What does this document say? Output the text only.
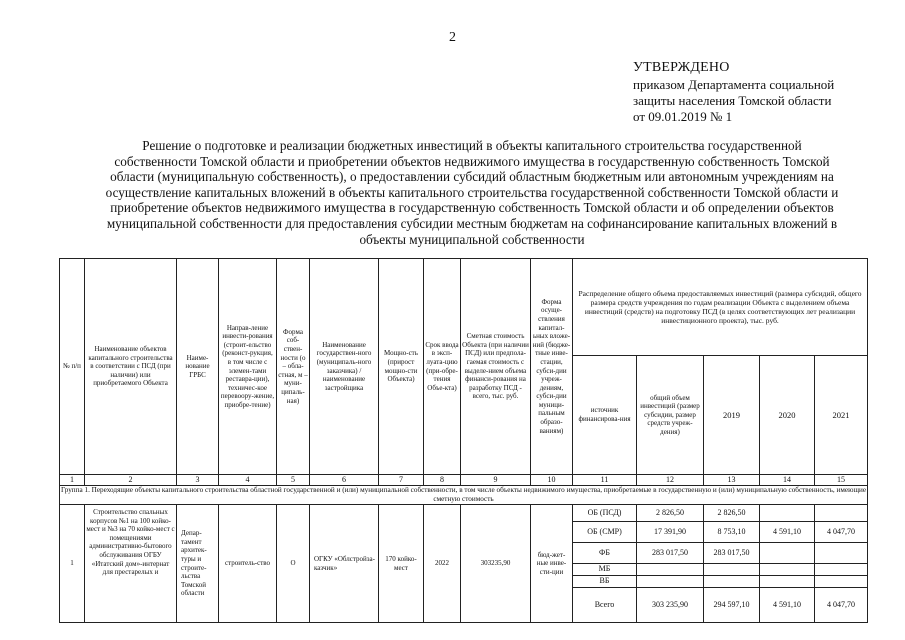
2
УТВЕРЖДЕНО
приказом Департамента социальной
защиты населения Томской области
от 09.01.2019 № 1
Решение о подготовке и реализации бюджетных инвестиций в объекты капитального строительства государственной
собственности Томской области и приобретении объектов недвижимого имущества в государственную собственность Томской
области (муниципальную собственность), о предоставлении субсидий областным бюджетным или автономным учреждениям на
осуществление капитальных вложений в объекты капитального строительства государственной собственности Томской области и
приобретение объектов недвижимого имущества в государственную собственность Томской области и об определении объектов
муниципальной собственности для предоставления субсидии местным бюджетам на софинансирование капитальных вложений в
объекты муниципальной собственности
№ п/п	Наименование объектов капитального строительства в соответствии с ПСД (при наличии) или приобретаемого Объекта	Наиме-нование ГРБС	Направ-ление инвести-рования (строит-ельство (реконст-рукция, в том числе с элемен-тами реставра-ции), техничес-кое перевоору-жение, приобре-тение)	Форма соб-ствен-ности (о – обла-стная, м – муни-ципаль-ная)	Наименование государствен-ного (муниципаль-ного заказчика) / наименование застройщика	Мощно-сть (прирост мощно-сти Объекта)	Срок ввода в эксп-луата-цию (при-обре-тения Объе-кта)	Сметная стоимость Объекта (при наличии ПСД) или предпола-гаемая стоимость с выделе-нием объема финанси-рования на разработку ПСД - всего, тыс. руб.	Форма осуще-ствления капитал-ьных вложе-ний (бюдже-тные инве-стации, субси-дии учреж-дениям, субси-дии муници-пальным образо-ваниям)	Распределение общего объема предоставляемых инвестиций (размера субсидий, общего размера средств учреждения по годам реализации Объекта с выделением объема инвестиций (средств) на подготовку ПСД (в целях соответствующих лет реализации инвестиционного проекта), тыс. руб.				
										источник финансирова-ния	общий объем инвестиций (размер субсидии, размер средств учреж-дения)	2019	2020	2021
1	2	3	4	5	6	7	8	9	10	11	12	13	14	15
Группа 1. Переходящие объекты капитального строительства областной государственной и (или) муниципальной собственности, в том числе объекты недвижимого имущества, приобретаемые в государственную и (или) муниципальную собственность, имеющие сметную стоимость														
1	Строительство спальных корпусов №1 на 100 койко-мест и №3 на 70 койко-мест с помещениями административно-бытового обслуживания ОГБУ «Итатский дом»-интернат для престарелых и	Депар-тамент архитек-туры и строите-льства Томской области	строитель-ство	О	ОГКУ «Облстройза-казчик»	170 койко-мест	2022	303235,90	бюд-жет-ные инве-сти-ции	ОБ (ПСД)	2 826,50	2 826,50		
										ОБ (СМР)	17 391,90	8 753,10	4 591,10	4 047,70
										ФБ	283 017,50	283 017,50		
										МБ				
										ВБ				
										Всего	303 235,90	294 597,10	4 591,10	4 047,70
